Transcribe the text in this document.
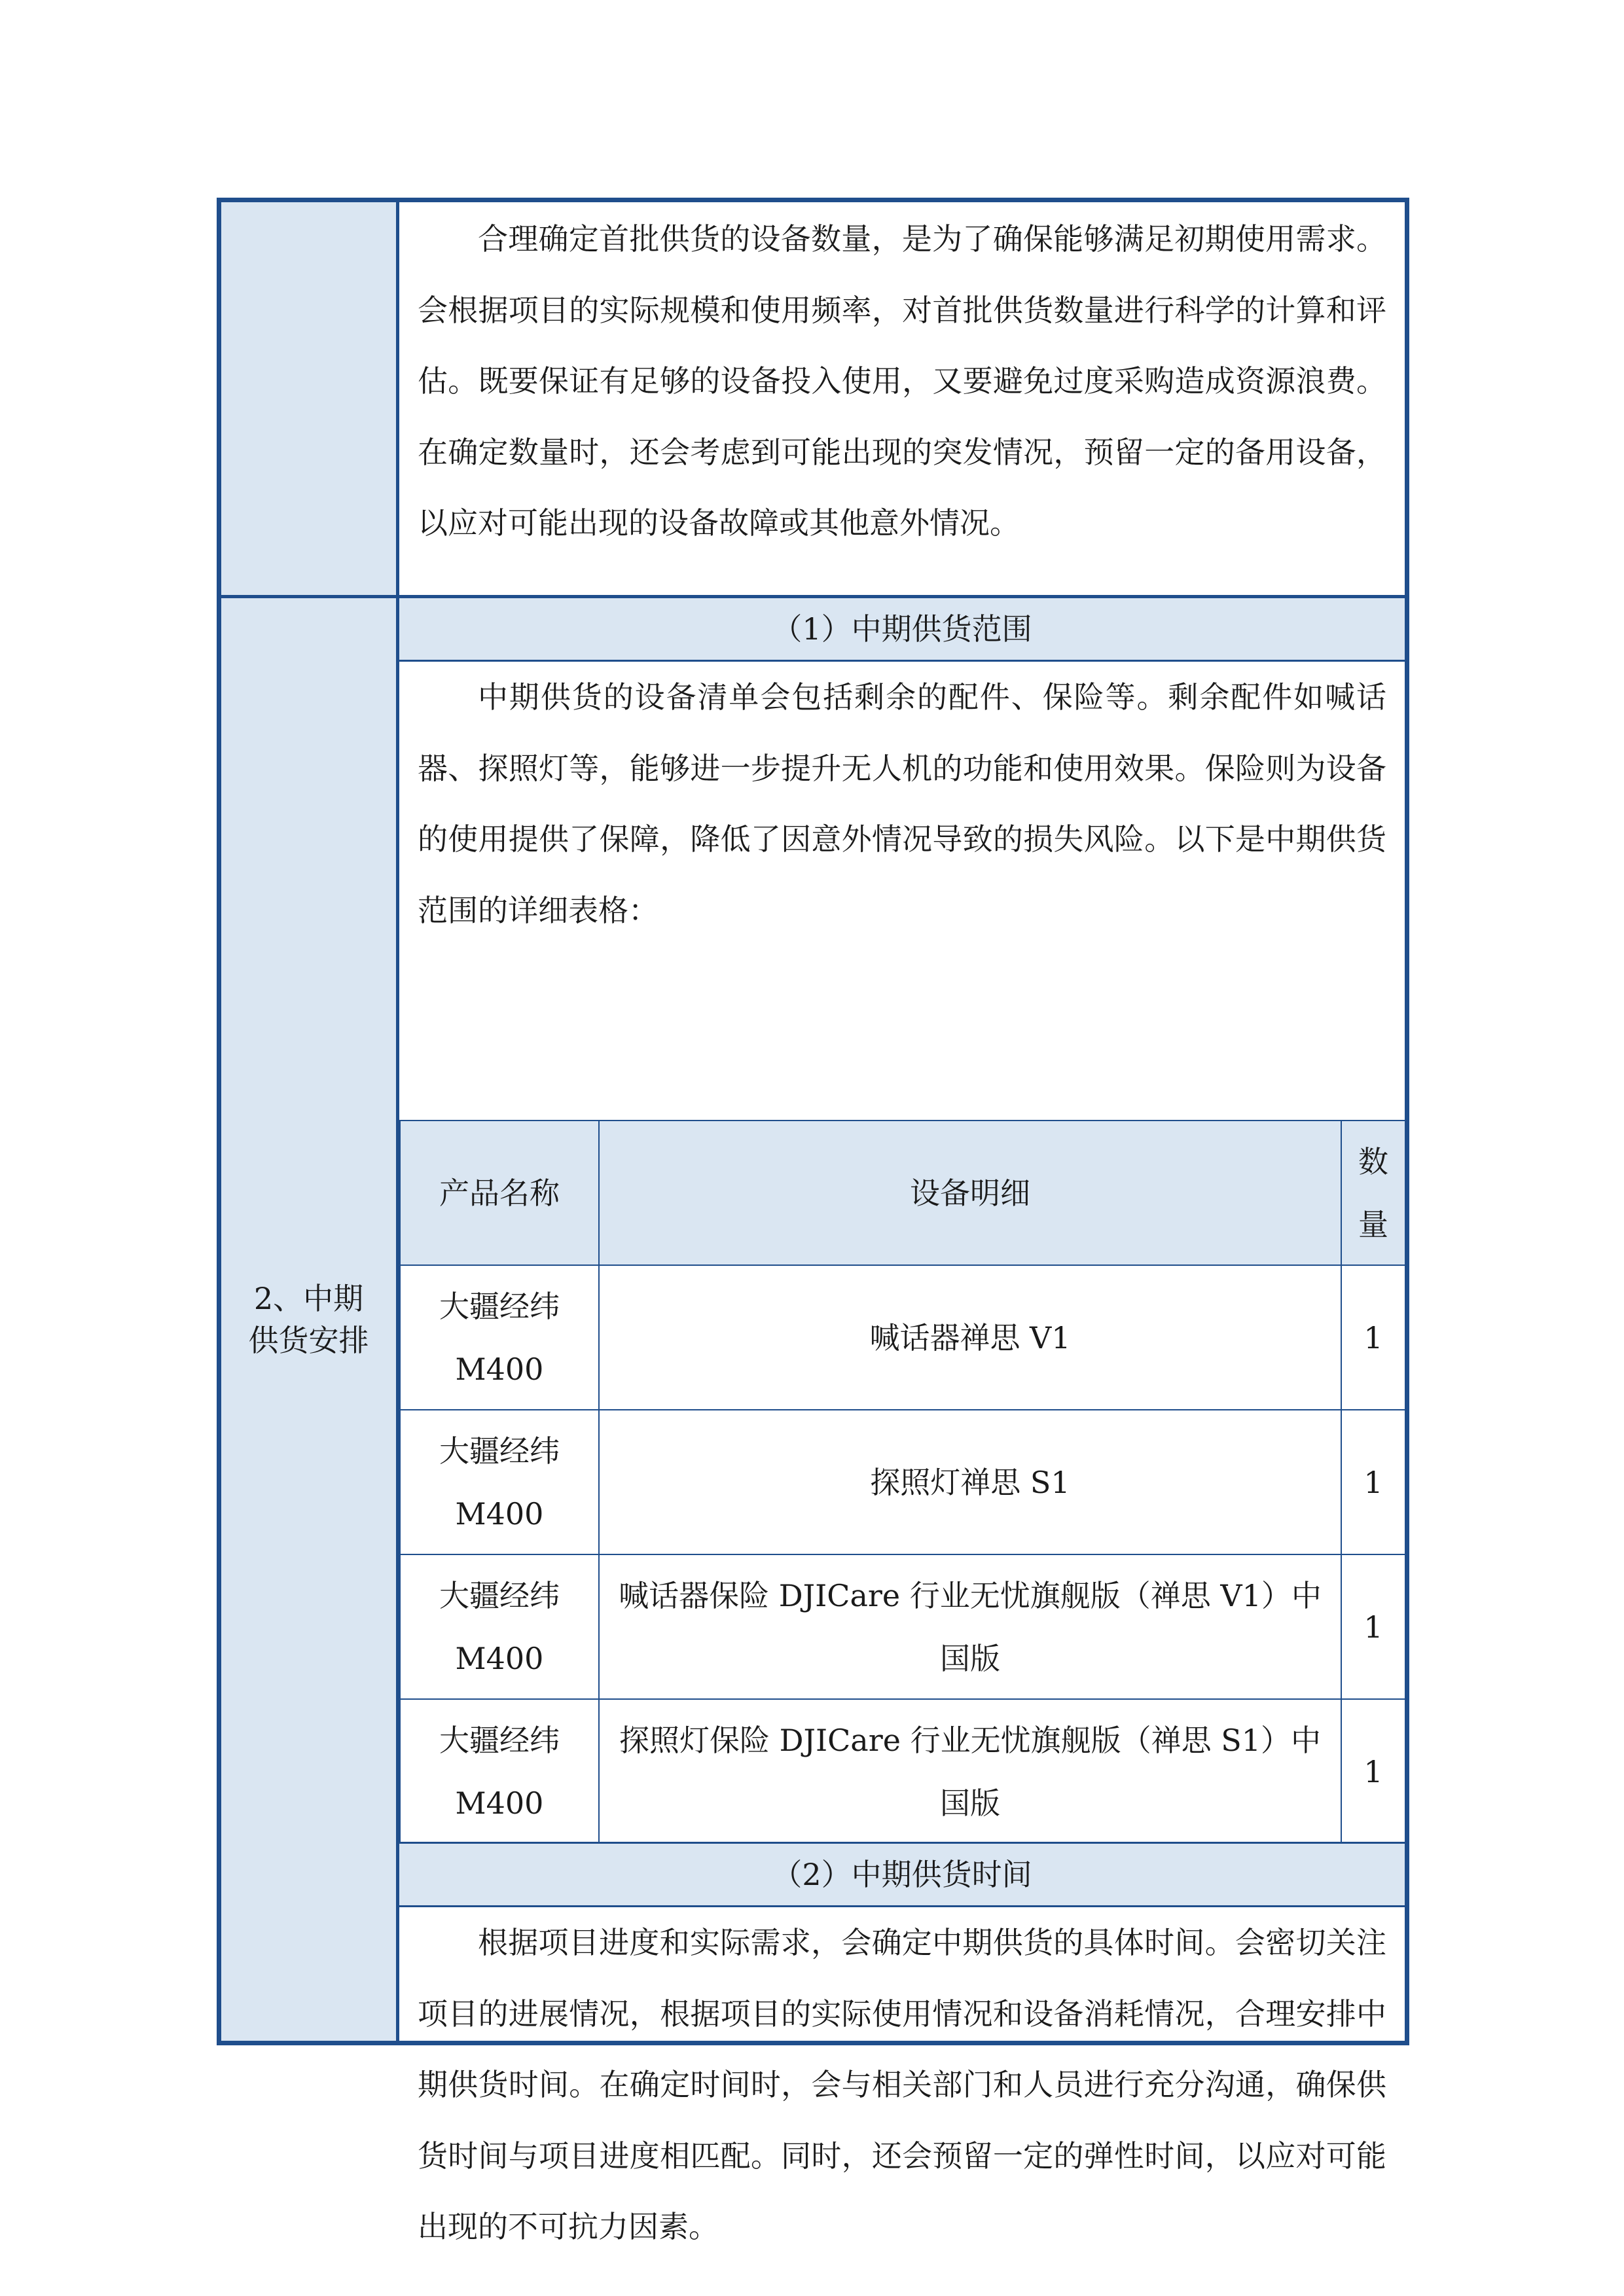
合理确定首批供货的设备数量，是为了确保能够满足初期使用需求。会根据项目的实际规模和使用频率，对首批供货数量进行科学的计算和评估。既要保证有足够的设备投入使用，又要避免过度采购造成资源浪费。在确定数量时，还会考虑到可能出现的突发情况，预留一定的备用设备，以应对可能出现的设备故障或其他意外情况。
2、中期供货安排
（1）中期供货范围
中期供货的设备清单会包括剩余的配件、保险等。剩余配件如喊话器、探照灯等，能够进一步提升无人机的功能和使用效果。保险则为设备的使用提供了保障，降低了因意外情况导致的损失风险。以下是中期供货范围的详细表格：
产品名称	设备明细	数量
大疆经纬M400	喊话器禅思 V1	1
大疆经纬M400	探照灯禅思 S1	1
大疆经纬M400	喊话器保险 DJICare 行业无忧旗舰版（禅思 V1）中国版	1
大疆经纬M400	探照灯保险 DJICare 行业无忧旗舰版（禅思 S1）中国版	1
（2）中期供货时间
根据项目进度和实际需求，会确定中期供货的具体时间。会密切关注项目的进展情况，根据项目的实际使用情况和设备消耗情况，合理安排中期供货时间。在确定时间时，会与相关部门和人员进行充分沟通，确保供货时间与项目进度相匹配。同时，还会预留一定的弹性时间，以应对可能出现的不可抗力因素。
